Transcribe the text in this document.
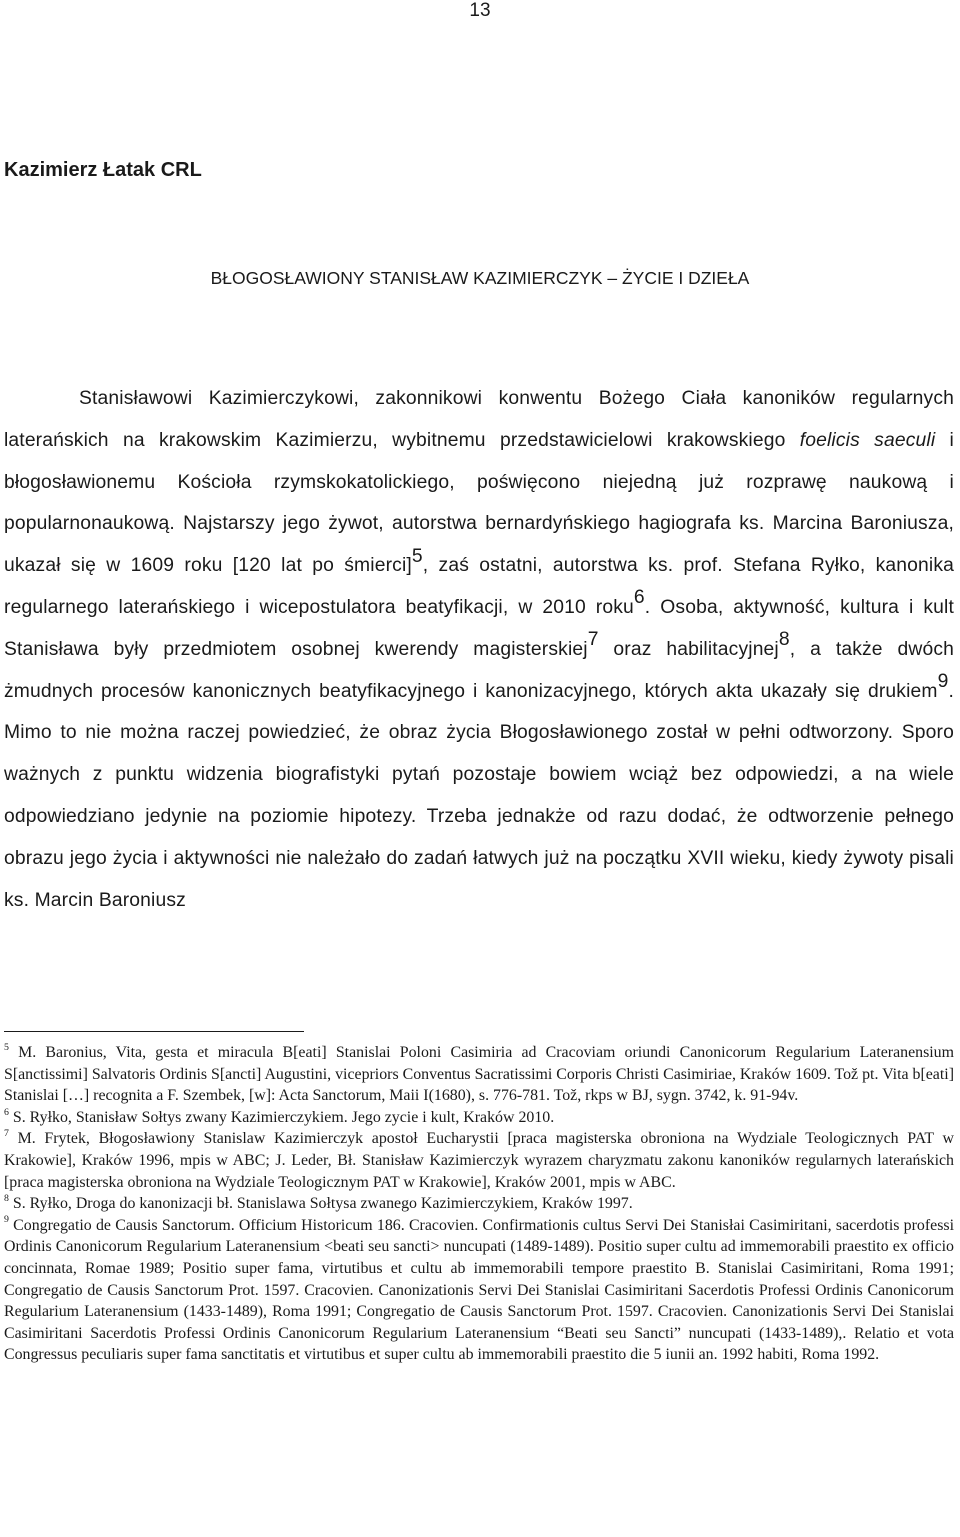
13
Kazimierz Łatak CRL
BŁOGOSŁAWIONY STANISŁAW KAZIMIERCZYK – ŻYCIE I DZIEŁA

Stanisławowi Kazimierczykowi, zakonnikowi konwentu Bożego Ciała kanoników regularnych laterańskich na krakowskim Kazimierzu, wybitnemu przedstawicielowi krakowskiego foelicis saeculi i błogosławionemu Kościoła rzymskokatolickiego, poświęcono niejedną już rozprawę naukową i popularnonaukową. Najstarszy jego żywot, autorstwa bernardyńskiego hagiografa ks. Marcina Baroniusza, ukazał się w 1609 roku [120 lat po śmierci]$^5$, zaś ostatni, autorstwa ks. prof. Stefana Ryłko, kanonika regularnego laterańskiego i wicepostulatora beatyfikacji, w 2010 roku$^6$. Osoba, aktywność, kultura i kult Stanisława były przedmiotem osobnej kwerendy magisterskiej$^7$ oraz habilitacyjnej$^8$, a także dwóch żmudnych procesów kanonicznych beatyfikacyjnego i kanonizacyjnego, których akta ukazały się drukiem$^9$. Mimo to nie można raczej powiedzieć, że obraz życia Błogosławionego został w pełni odtworzony. Sporo ważnych z punktu widzenia biografistyki pytań pozostaje bowiem wciąż bez odpowiedzi, a na wiele odpowiedziano jedynie na poziomie hipotezy. Trzeba jednakże od razu dodać, że odtworzenie pełnego obrazu jego życia i aktywności nie należało do zadań łatwych już na początku XVII wieku, kiedy żywoty pisali ks. Marcin Baroniusz

$^5$ M. Baronius, Vita, gesta et miracula B[eati] Stanislai Poloni Casimiria ad Cracoviam oriundi Canonicorum Regularium Lateranensium S[anctissimi] Salvatoris Ordinis S[ancti] Augustini, vicepriors Conventus Sacratissimi Corporis Christi Casimiriae, Kraków 1609. Tož pt. Vita b[eati] Stanislai […] recognita a F. Szembek, [w]: Acta Sanctorum, Maii I(1680), s. 776-781. Tož, rkps w BJ, sygn. 3742, k. 91-94v.

$^6$ S. Ryłko, Stanisław Sołtys zwany Kazimierczykiem. Jego zycie i kult, Kraków 2010.

$^7$ M. Frytek, Błogosławiony Stanislaw Kazimierczyk apostoł Eucharystii [praca magisterska obroniona na Wydziale Teologicznych PAT w Krakowie], Kraków 1996, mpis w ABC; J. Leder, Bł. Stanisław Kazimierczyk wyrazem charyzmatu zakonu kanoników regularnych laterańskich [praca magisterska obroniona na Wydziale Teologicznym PAT w Krakowie], Kraków 2001, mpis w ABC.

$^8$ S. Ryłko, Droga do kanonizacji bł. Stanislawa Sołtysa zwanego Kazimierczykiem, Kraków 1997.

$^9$ Congregatio de Causis Sanctorum. Officium Historicum 186. Cracovien. Confirmationis cultus Servi Dei Stanisłai Casimiritani, sacerdotis professi Ordinis Canonicorum Regularium Lateranensium <beati seu sancti> nuncupati (1489-1489). Positio super cultu ad immemorabili praestito ex officio concinnata, Romae 1989; Positio super fama, virtutibus et cultu ab immemorabili tempore praestito B. Stanislai Casimiritani, Roma 1991; Congregatio de Causis Sanctorum Prot. 1597. Cracovien. Canonizationis Servi Dei Stanislai Casimiritani Sacerdotis Professi Ordinis Canonicorum Regularium Lateranensium (1433-1489), Roma 1991; Congregatio de Causis Sanctorum Prot. 1597. Cracovien. Canonizationis Servi Dei Stanislai Casimiritani Sacerdotis Professi Ordinis Canonicorum Regularium Lateranensium “Beati seu Sancti” nuncupati (1433-1489),. Relatio et vota Congressus peculiaris super fama sanctitatis et virtutibus et super cultu ab immemorabili praestito die 5 iunii an. 1992 habiti, Roma 1992.
